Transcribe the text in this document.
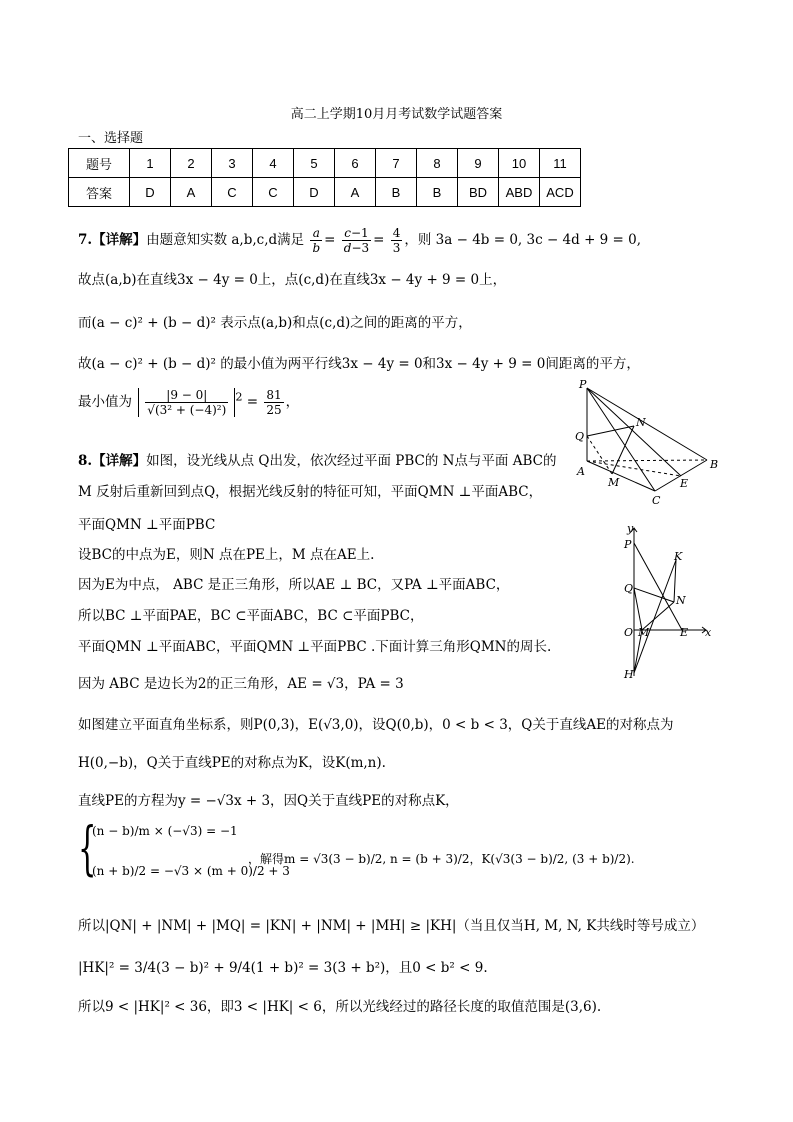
高二上学期10月月考试数学试题答案
一、选择题
题号	1	2	3	4	5	6	7	8	9	10	11
答案	D	A	C	C	D	A	B	B	BD	ABD	ACD
7.【详解】由题意知实数 a,b,c,d满足 $\frac{a}{b} = \frac{c-1}{d-3} = \frac{4}{3}$ ，则 3a − 4b = 0, 3c − 4d + 9 = 0,
故点(a,b)在直线3x − 4y = 0上，点(c,d)在直线3x − 4y + 9 = 0上，
而(a − c)² + (b − d)² 表示点(a,b)和点(c,d)之间的距离的平方，
故(a − c)² + (b − d)² 的最小值为两平行线3x − 4y = 0和3x − 4y + 9 = 0间距离的平方，
最小值为 $\frac{|9 - 0|}{\text{√(3² + (−4)²)}} ^2 = \frac{81}{25}$ ，
P
Q
N
A
M	E
B
C
8.【详解】如图，设光线从点 Q出发，依次经过平面 PBC的 N点与平面 ABC的
M 反射后重新回到点Q，根据光线反射的特征可知，平面QMN ⊥平面ABC，
平面QMN ⊥平面PBC
设BC的中点为E，则N 点在PE上，M 点在AE上.
因为E为中点， ABC 是正三角形，所以AE ⊥ BC，又PA ⊥平面ABC，
所以BC ⊥平面PAE，BC ⊂平面ABC，BC ⊂平面PBC，
平面QMN ⊥平面ABC，平面QMN ⊥平面PBC .下面计算三角形QMN的周长.
因为 ABC 是边长为2的正三角形，AE = √3，PA = 3
如图建立平面直角坐标系，则P(0,3)，E(√3,0)，设Q(0,b)，0 < b < 3，Q关于直线AE的对称点为
H(0,−b)，Q关于直线PE的对称点为K，设K(m,n).
直线PE的方程为y = −√3x + 3，因Q关于直线PE的对称点K，
y
P
K
Q
N
O M	E x
H
{
(n − b)/m × (−√3) = −1
(n + b)/2 = −√3 × (m + 0)/2 + 3
，解得m = √3(3 − b)/2, n = (b + 3)/2，K(√3(3 − b)/2, (3 + b)/2).
所以|QN| + |NM| + |MQ| = |KN| + |NM| + |MH| ≥ |KH|（当且仅当H, M, N, K共线时等号成立）
|HK|² = 3/4(3 − b)² + 9/4(1 + b)² = 3(3 + b²)，且0 < b² < 9.
所以9 < |HK|² < 36，即3 < |HK| < 6，所以光线经过的路径长度的取值范围是(3,6).
